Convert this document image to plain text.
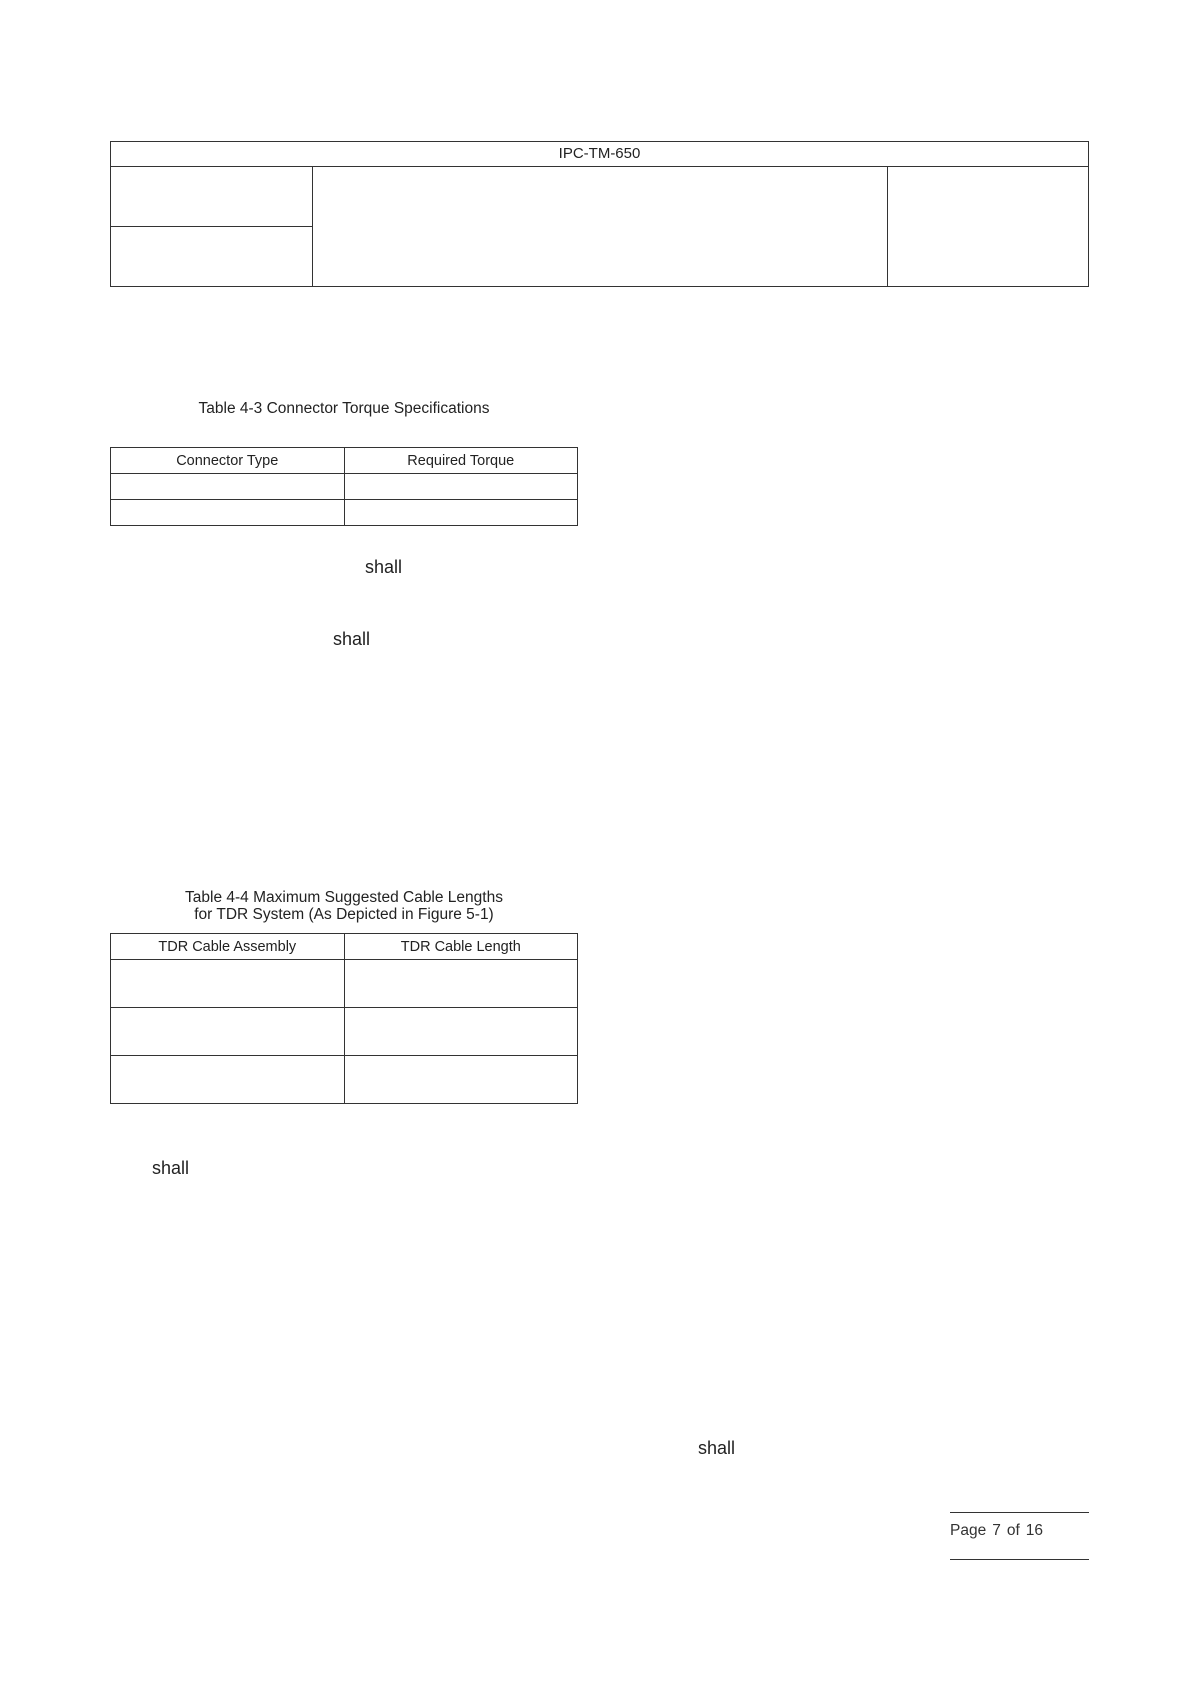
IPC-TM-650
Table 4-3 Connector Torque Specifications
Connector Type	Required Torque

shall
shall
Table 4-4 Maximum Suggested Cable Lengths
for TDR System (As Depicted in Figure 5-1)
TDR Cable Assembly	TDR Cable Length

shall
shall
Page 7 of 16
